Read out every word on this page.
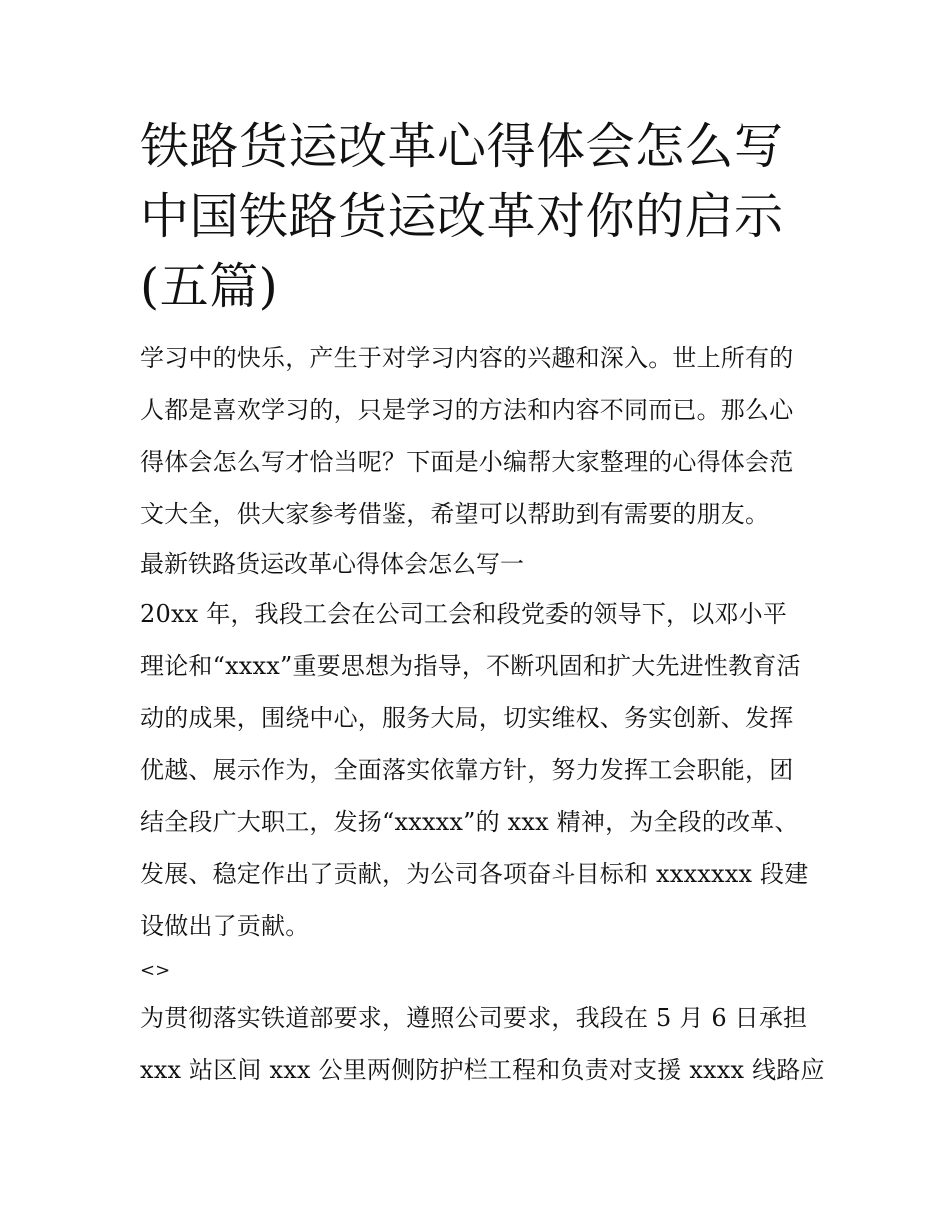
铁路货运改革心得体会怎么写
中国铁路货运改革对你的启示
(五篇)

学习中的快乐，产生于对学习内容的兴趣和深入。世上所有的
人都是喜欢学习的，只是学习的方法和内容不同而已。那么心
得体会怎么写才恰当呢？下面是小编帮大家整理的心得体会范
文大全，供大家参考借鉴，希望可以帮助到有需要的朋友。

最新铁路货运改革心得体会怎么写一

20xx 年，我段工会在公司工会和段党委的领导下，以邓小平
理论和“xxxx”重要思想为指导，不断巩固和扩大先进性教育活
动的成果，围绕中心，服务大局，切实维权、务实创新、发挥
优越、展示作为，全面落实依靠方针，努力发挥工会职能，团
结全段广大职工，发扬“xxxxx”的 xxx 精神，为全段的改革、
发展、稳定作出了贡献，为公司各项奋斗目标和 xxxxxxx 段建
设做出了贡献。

<>

为贯彻落实铁道部要求，遵照公司要求，我段在 5 月 6 日承担
xxx 站区间 xxx 公里两侧防护栏工程和负责对支援 xxxx 线路应
